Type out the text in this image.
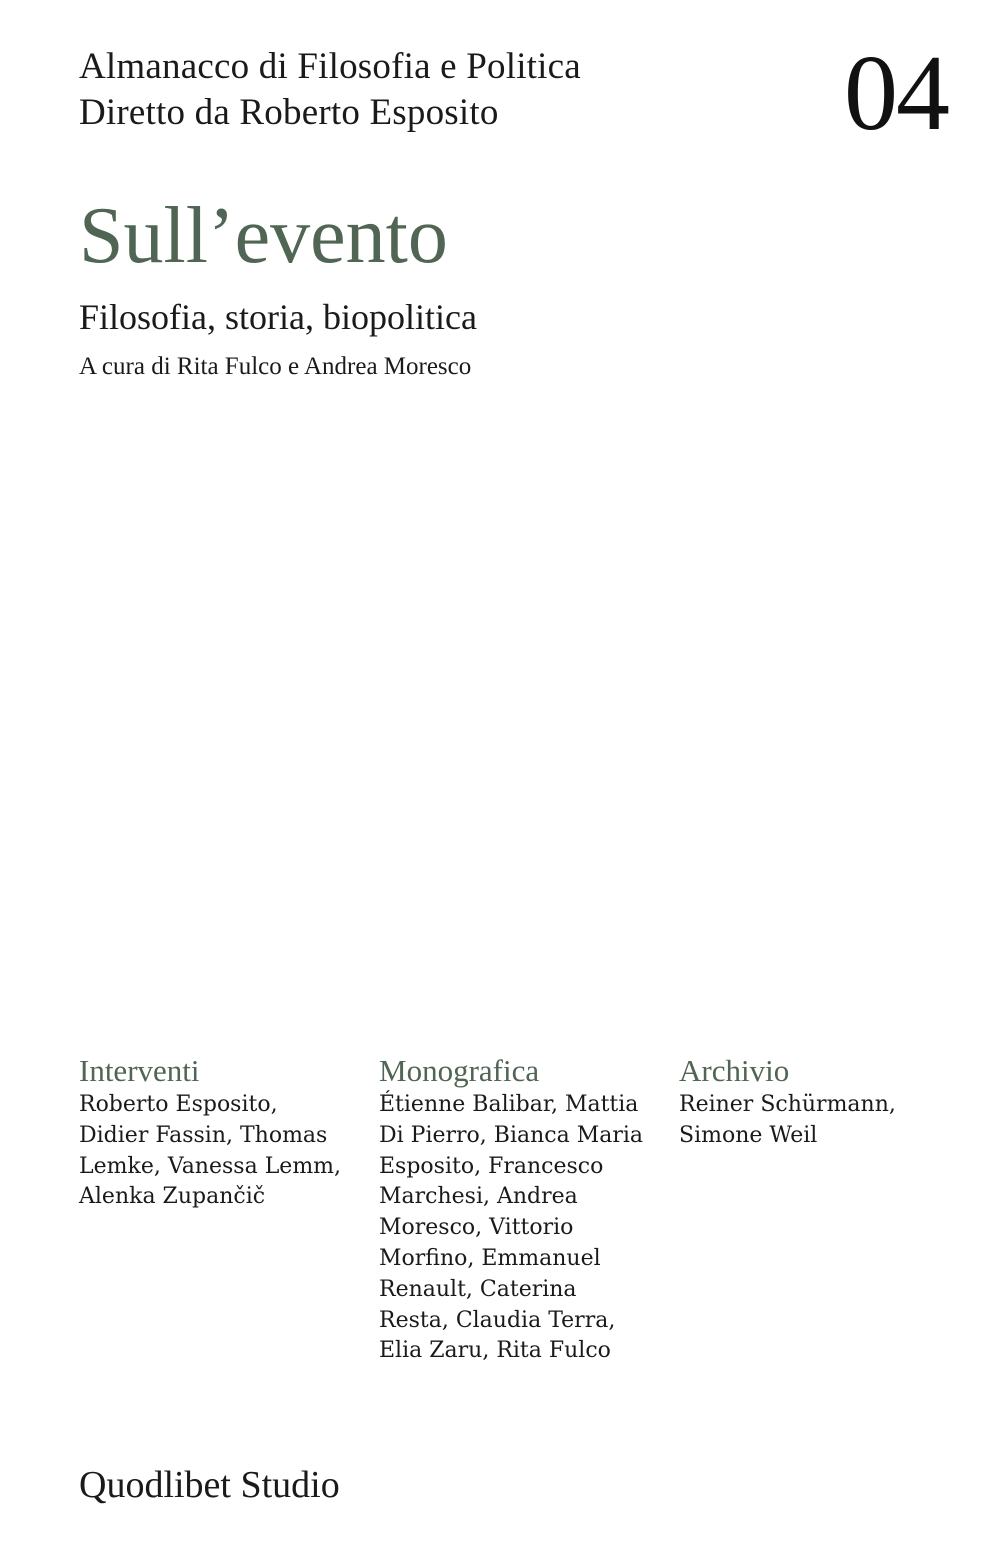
Almanacco di Filosofia e Politica
Diretto da Roberto Esposito	04
Sull’evento
Filosofia, storia, biopolitica
A cura di Rita Fulco e Andrea Moresco
Interventi
Roberto Esposito,
Didier Fassin, Thomas
Lemke, Vanessa Lemm,
Alenka Zupančič
Monografica
Étienne Balibar, Mattia
Di Pierro, Bianca Maria
Esposito, Francesco
Marchesi, Andrea
Moresco, Vittorio
Morfino, Emmanuel
Renault, Caterina
Resta, Claudia Terra,
Elia Zaru, Rita Fulco
Archivio
Reiner Schürmann,
Simone Weil
Quodlibet Studio
